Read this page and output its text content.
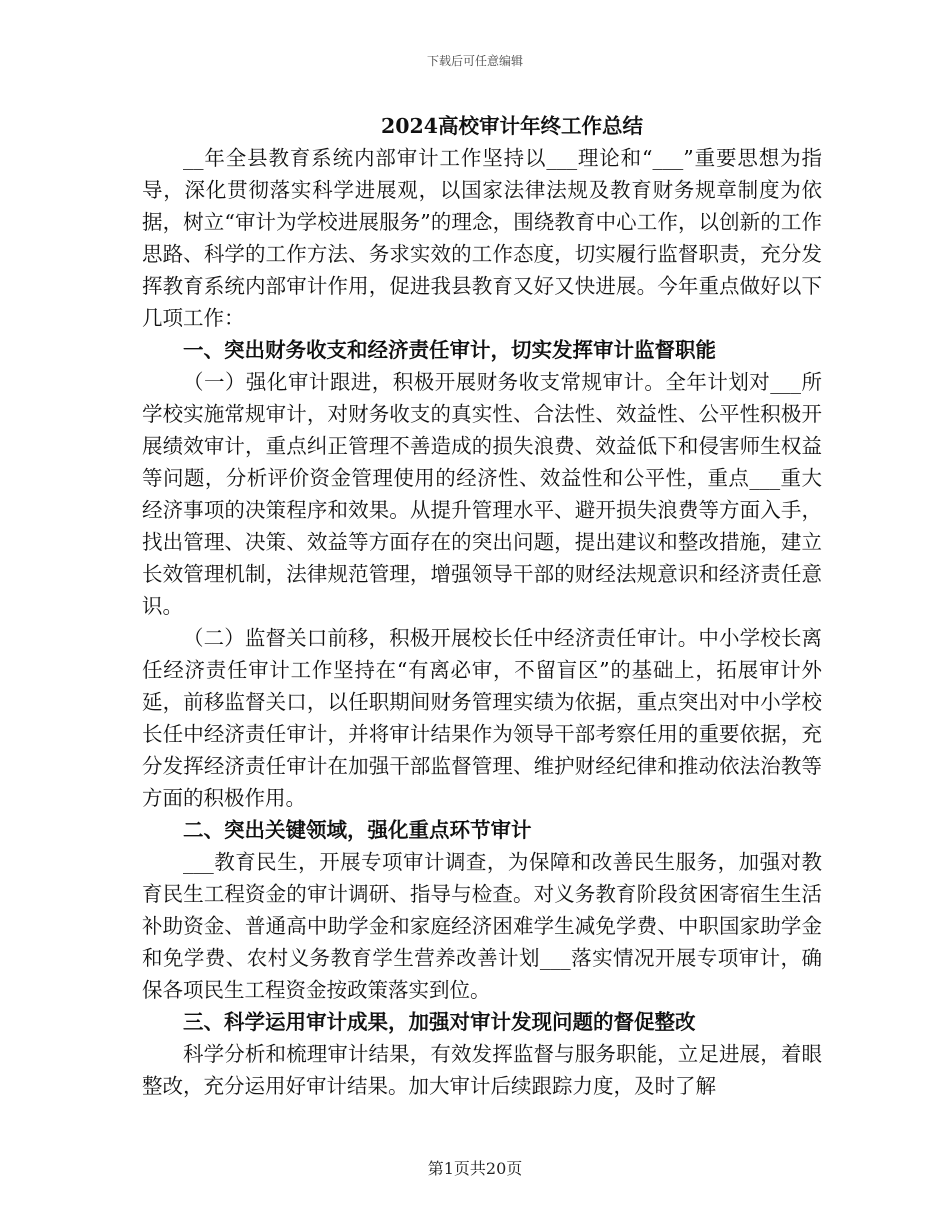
下载后可任意编辑

2024高校审计年终工作总结

__年全县教育系统内部审计工作坚持以___理论和“___”重要思想为指导，深化贯彻落实科学进展观，以国家法律法规及教育财务规章制度为依据，树立“审计为学校进展服务”的理念，围绕教育中心工作，以创新的工作思路、科学的工作方法、务求实效的工作态度，切实履行监督职责，充分发挥教育系统内部审计作用，促进我县教育又好又快进展。今年重点做好以下几项工作：

一、突出财务收支和经济责任审计，切实发挥审计监督职能

（一）强化审计跟进，积极开展财务收支常规审计。全年计划对___所学校实施常规审计，对财务收支的真实性、合法性、效益性、公平性积极开展绩效审计，重点纠正管理不善造成的损失浪费、效益低下和侵害师生权益等问题，分析评价资金管理使用的经济性、效益性和公平性，重点___重大经济事项的决策程序和效果。从提升管理水平、避开损失浪费等方面入手，找出管理、决策、效益等方面存在的突出问题，提出建议和整改措施，建立长效管理机制，法律规范管理，增强领导干部的财经法规意识和经济责任意识。

（二）监督关口前移，积极开展校长任中经济责任审计。中小学校长离任经济责任审计工作坚持在“有离必审，不留盲区”的基础上，拓展审计外延，前移监督关口，以任职期间财务管理实绩为依据，重点突出对中小学校长任中经济责任审计，并将审计结果作为领导干部考察任用的重要依据，充分发挥经济责任审计在加强干部监督管理、维护财经纪律和推动依法治教等方面的积极作用。

二、突出关键领域，强化重点环节审计

___教育民生，开展专项审计调查，为保障和改善民生服务，加强对教育民生工程资金的审计调研、指导与检查。对义务教育阶段贫困寄宿生生活补助资金、普通高中助学金和家庭经济困难学生减免学费、中职国家助学金和免学费、农村义务教育学生营养改善计划___落实情况开展专项审计，确保各项民生工程资金按政策落实到位。

三、科学运用审计成果，加强对审计发现问题的督促整改

科学分析和梳理审计结果，有效发挥监督与服务职能，立足进展，着眼整改，充分运用好审计结果。加大审计后续跟踪力度，及时了解

第1页共20页
